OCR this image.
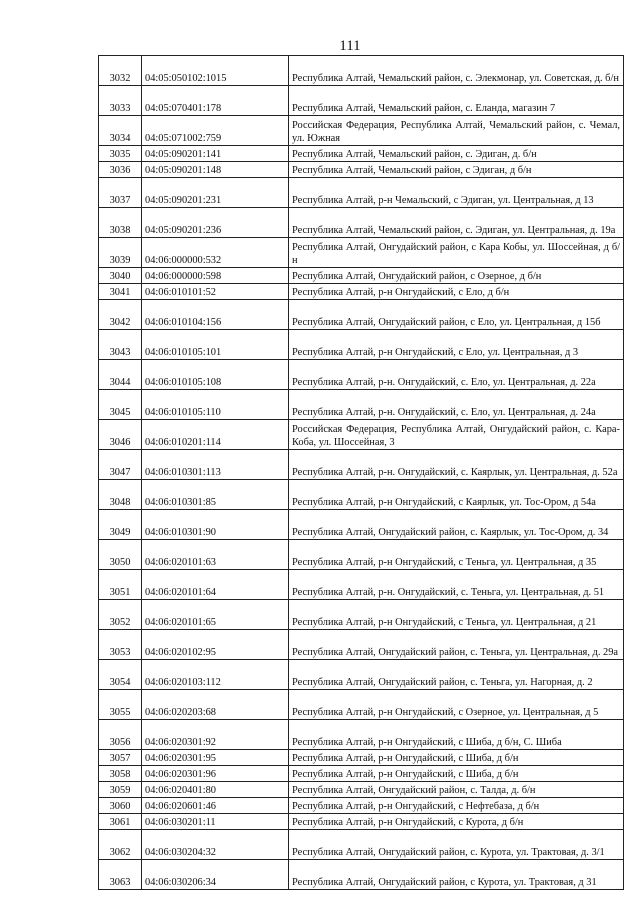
111
3032	04:05:050102:1015	Республика Алтай, Чемальский район, с. Элекмонар, ул. Советская, д. б/н
3033	04:05:070401:178	Республика Алтай, Чемальский район, с. Еланда, магазин 7
3034	04:05:071002:759	Российская Федерация, Республика Алтай, Чемальский район, с. Чемал, ул. Южная
3035	04:05:090201:141	Республика Алтай, Чемальский район, с. Эдиган, д. б/н
3036	04:05:090201:148	Республика Алтай, Чемальский район, с Эдиган, д б/н
3037	04:05:090201:231	Республика Алтай, р-н Чемальский, с Эдиган, ул. Центральная, д 13
3038	04:05:090201:236	Республика Алтай, Чемальский район, с. Эдиган, ул. Центральная, д. 19а
3039	04:06:000000:532	Республика Алтай, Онгудайский район, с Кара Кобы, ул. Шоссейная, д б/н
3040	04:06:000000:598	Республика Алтай, Онгудайский район, с Озерное, д б/н
3041	04:06:010101:52	Республика Алтай, р-н Онгудайский, с Ело, д б/н
3042	04:06:010104:156	Республика Алтай, Онгудайский район, с Ело, ул. Центральная, д 15б
3043	04:06:010105:101	Республика Алтай, р-н Онгудайский, с Ело, ул. Центральная, д 3
3044	04:06:010105:108	Республика Алтай, р-н. Онгудайский, с. Ело, ул. Центральная, д. 22а
3045	04:06:010105:110	Республика Алтай, р-н. Онгудайский, с. Ело, ул. Центральная, д. 24а
3046	04:06:010201:114	Российская Федерация, Республика Алтай, Онгудайский район, с. Кара-Коба, ул. Шоссейная, 3
3047	04:06:010301:113	Республика Алтай, р-н. Онгудайский, с. Каярлык, ул. Центральная, д. 52а
3048	04:06:010301:85	Республика Алтай, р-н Онгудайский, с Каярлык, ул. Тос-Ором, д 54а
3049	04:06:010301:90	Республика Алтай, Онгудайский район, с. Каярлык, ул. Тос-Ором, д. 34
3050	04:06:020101:63	Республика Алтай, р-н Онгудайский, с Теньга, ул. Центральная, д 35
3051	04:06:020101:64	Республика Алтай, р-н. Онгудайский, с. Теньга, ул. Центральная, д. 51
3052	04:06:020101:65	Республика Алтай, р-н Онгудайский, с Теньга, ул. Центральная, д 21
3053	04:06:020102:95	Республика Алтай, Онгудайский район, с. Теньга, ул. Центральная, д. 29а
3054	04:06:020103:112	Республика Алтай, Онгудайский район, с. Теньга, ул. Нагорная, д. 2
3055	04:06:020203:68	Республика Алтай, р-н Онгудайский, с Озерное, ул. Центральная, д 5
3056	04:06:020301:92	Республика Алтай, р-н Онгудайский, с Шиба, д б/н, С. Шиба
3057	04:06:020301:95	Республика Алтай, р-н Онгудайский, с Шиба, д б/н
3058	04:06:020301:96	Республика Алтай, р-н Онгудайский, с Шиба, д б/н
3059	04:06:020401:80	Республика Алтай, Онгудайский район, с. Талда, д. б/н
3060	04:06:020601:46	Республика Алтай, р-н Онгудайский, с Нефтебаза, д б/н
3061	04:06:030201:11	Республика Алтай, р-н Онгудайский, с Курота, д б/н
3062	04:06:030204:32	Республика Алтай, Онгудайский район, с. Курота, ул. Трактовая, д. 3/1
3063	04:06:030206:34	Республика Алтай, Онгудайский район, с Курота, ул. Трактовая, д 31
